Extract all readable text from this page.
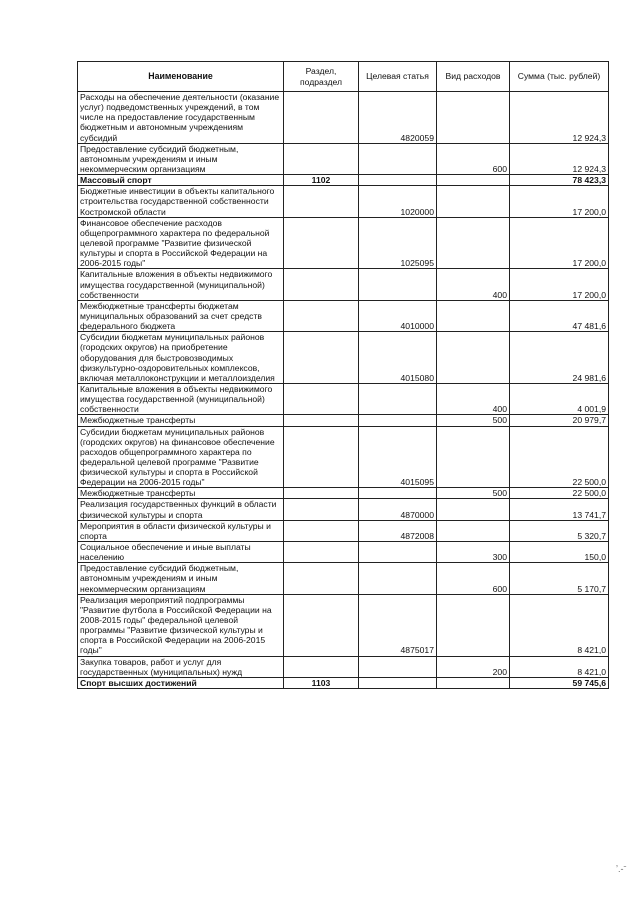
Наименование	Раздел, подраздел	Целевая статья	Вид расходов	Сумма (тыс. рублей)
Расходы на обеспечение деятельности (оказание услуг) подведомственных учреждений, в том числе на предоставление государственным бюджетным и автономным учреждениям субсидий		4820059		12 924,3
Предоставление субсидий бюджетным, автономным учреждениям и иным некоммерческим организациям			600	12 924,3
Массовый спорт	1102			78 423,3
Бюджетные инвестиции в объекты капитального строительства государственной собственности Костромской области		1020000		17 200,0
Финансовое обеспечение расходов общепрограммного характера по федеральной целевой программе "Развитие физической культуры и спорта в Российской Федерации на 2006-2015 годы"		1025095		17 200,0
Капитальные вложения в объекты недвижимого имущества государственной (муниципальной) собственности			400	17 200,0
Межбюджетные трансферты бюджетам муниципальных образований за счет средств федерального бюджета		4010000		47 481,6
Субсидии бюджетам муниципальных районов (городских округов) на приобретение оборудования для быстровозводимых физкультурно-оздоровительных комплексов, включая металлоконструкции и металлоизделия		4015080		24 981,6
Капитальные вложения в объекты недвижимого имущества государственной (муниципальной) собственности			400	4 001,9
Межбюджетные трансферты			500	20 979,7
Субсидии бюджетам муниципальных районов (городских округов) на финансовое обеспечение расходов общепрограммного характера по федеральной целевой программе "Развитие физической культуры и спорта в Российской Федерации на 2006-2015 годы"		4015095		22 500,0
Межбюджетные трансферты			500	22 500,0
Реализация государственных функций в области физической культуры и спорта		4870000		13 741,7
Мероприятия в области физической культуры и спорта		4872008		5 320,7
Социальное обеспечение и иные выплаты населению			300	150,0
Предоставление субсидий бюджетным, автономным учреждениям и иным некоммерческим организациям			600	5 170,7
Реализация мероприятий подпрограммы "Развитие футбола в Российской Федерации на 2008-2015 годы" федеральной целевой программы "Развитие физической культуры и спорта в Российской Федерации на 2006-2015 годы"		4875017		8 421,0
Закупка товаров, работ и услуг для государственных (муниципальных) нужд			200	8 421,0
Спорт высших достижений	1103			59 745,6
ʼ.-ˉ
